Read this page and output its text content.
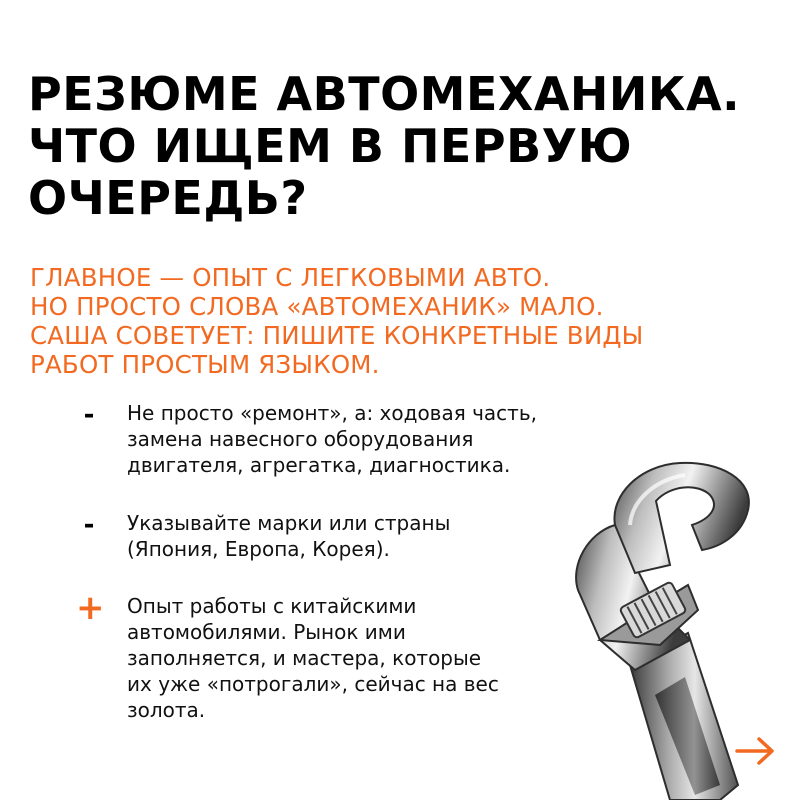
РЕЗЮМЕ АВТОМЕХАНИКА.
ЧТО ИЩЕМ В ПЕРВУЮ
ОЧЕРЕДЬ?
ГЛАВНОЕ — ОПЫТ С ЛЕГКОВЫМИ АВТО.
НО ПРОСТО СЛОВА «АВТОМЕХАНИК» МАЛО.
САША СОВЕТУЕТ: ПИШИТЕ КОНКРЕТНЫЕ ВИДЫ
РАБОТ ПРОСТЫМ ЯЗЫКОМ.
-	Не просто «ремонт», а: ходовая часть,
замена навесного оборудования
двигателя, агрегатка, диагностика.
-	Указывайте марки или страны
(Япония, Европа, Корея).
+ Опыт работы с китайскими
автомобилями. Рынок ими
заполняется, и мастера, которые
их уже «потрогали», сейчас на вес
золота.
